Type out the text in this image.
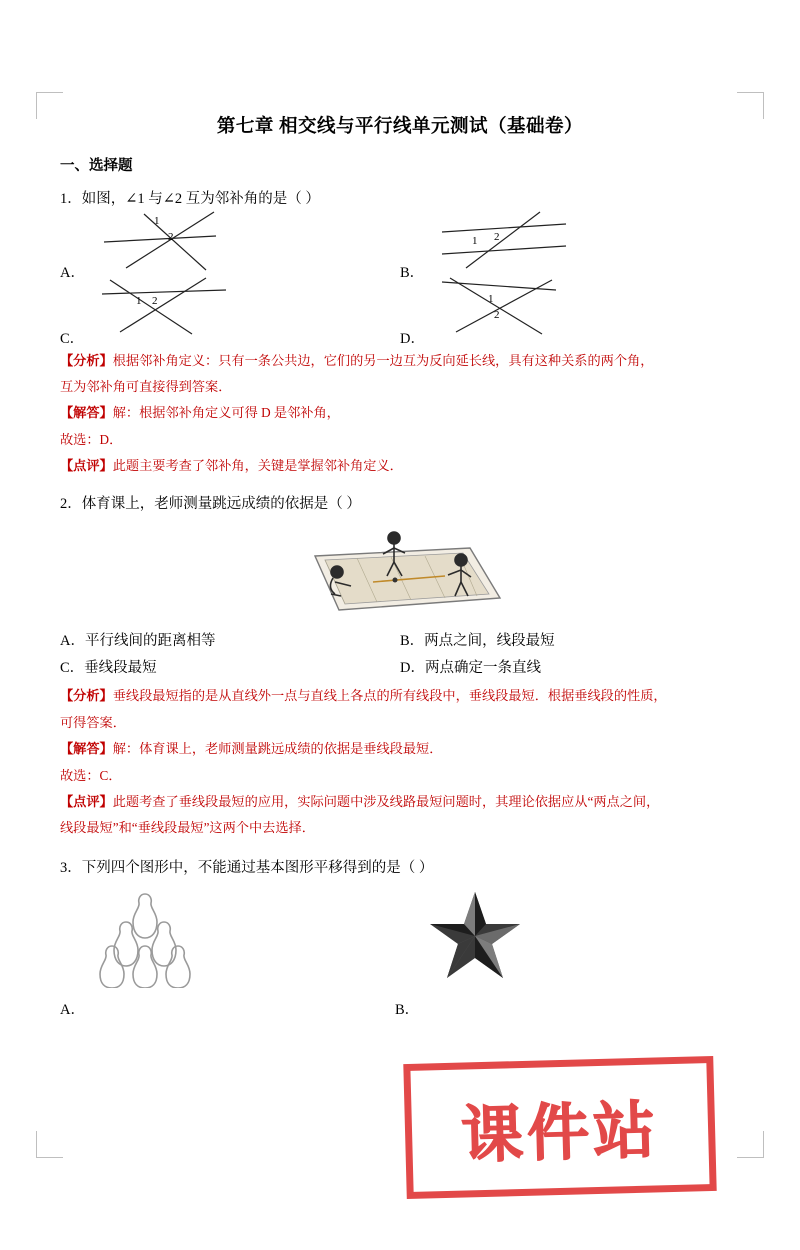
第七章 相交线与平行线单元测试（基础卷）
一、选择题
1．如图，∠1 与∠2 互为邻补角的是（ ）
A．
1
2
B．
1 2
C．
1 2
D．
1
2
【分析】根据邻补角定义：只有一条公共边，它们的另一边互为反向延长线，具有这种关系的两个角，
互为邻补角可直接得到答案．
【解答】解：根据邻补角定义可得 D 是邻补角，
故选：D．
【点评】此题主要考查了邻补角，关键是掌握邻补角定义．
2．体育课上，老师测量跳远成绩的依据是（ ）
A．平行线间的距离相等	B．两点之间，线段最短
C．垂线段最短	D．两点确定一条直线
【分析】垂线段最短指的是从直线外一点与直线上各点的所有线段中，垂线段最短．根据垂线段的性质，
可得答案．
【解答】解：体育课上，老师测量跳远成绩的依据是垂线段最短．
故选：C．
【点评】此题考查了垂线段最短的应用，实际问题中涉及线路最短问题时，其理论依据应从“两点之间，
线段最短”和“垂线段最短”这两个中去选择．
3．下列四个图形中，不能通过基本图形平移得到的是（ ）
A．	B．
课件站
